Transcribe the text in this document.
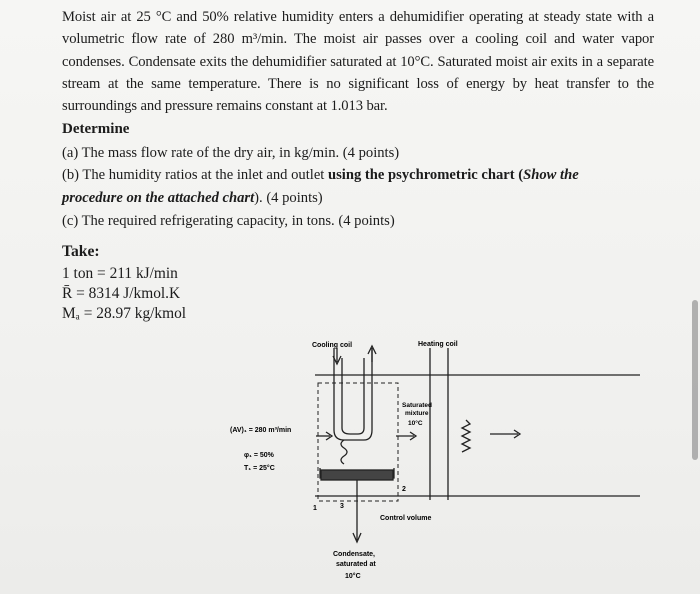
Moist air at 25 °C and 50% relative humidity enters a dehumidifier operating at steady state with a volumetric flow rate of 280 m³/min. The moist air passes over a cooling coil and water vapor condenses. Condensate exits the dehumidifier saturated at 10°C. Saturated moist air exits in a separate stream at the same temperature. There is no significant loss of energy by heat transfer to the surroundings and pressure remains constant at 1.013 bar.
Determine
(a) The mass flow rate of the dry air, in kg/min. (4 points)
(b) The humidity ratios at the inlet and outlet using the psychrometric chart (Show the
procedure on the attached chart). (4 points)
(c) The required refrigerating capacity, in tons. (4 points)
Take:
1 ton = 211 kJ/min
R̄ = 8314 J/kmol.K
Mₐ = 28.97 kg/kmol
Cooling coil	Heating coil
(AV)₁ = 280 m³/min
φ₁ = 50%
T₁ = 25°C
Saturated
mixture
10°C
Control volume
Condensate,
saturated at
10°C
1
2
3
